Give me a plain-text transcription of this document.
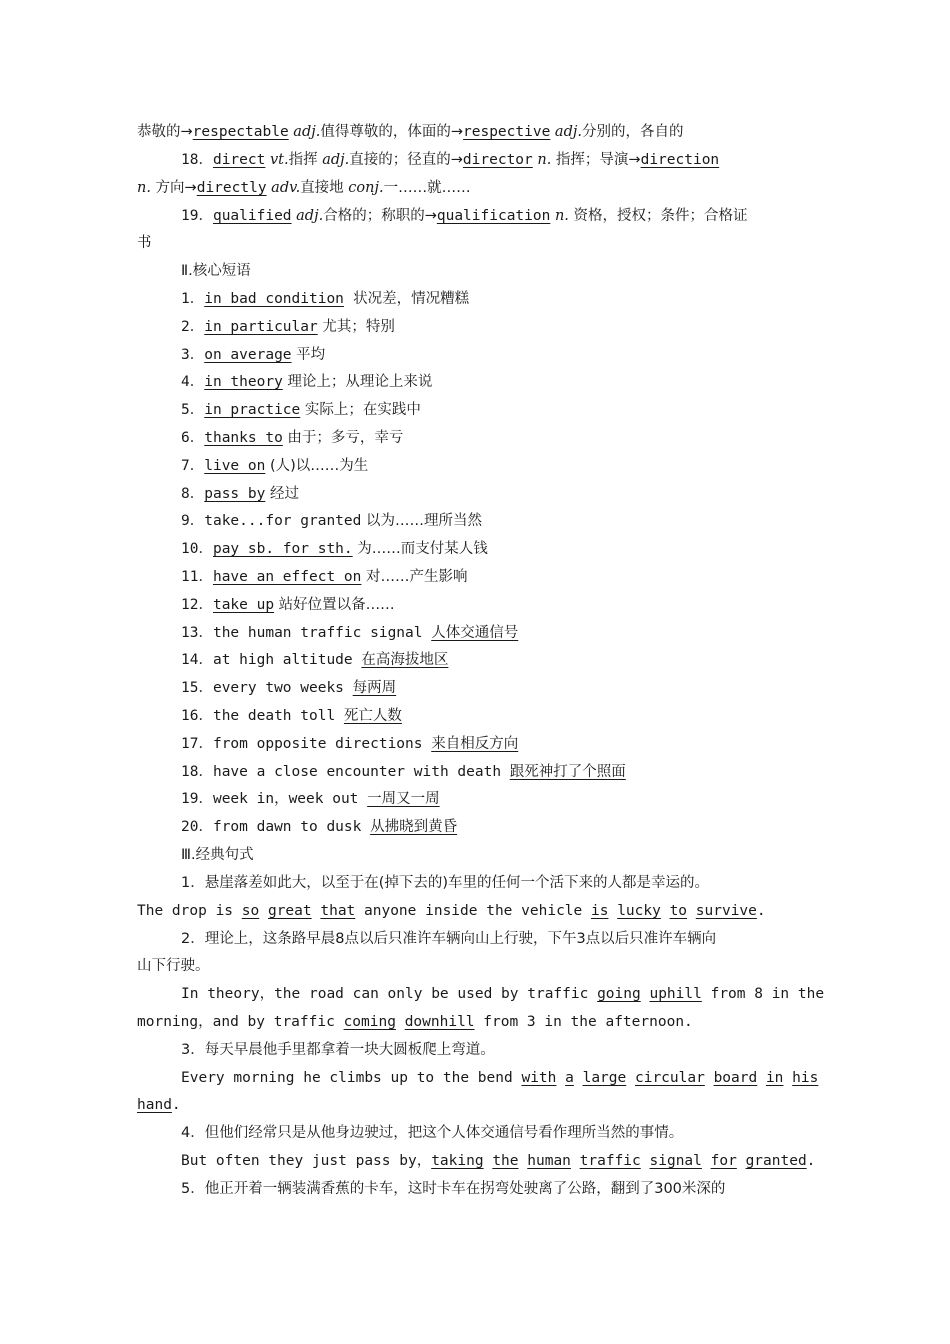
恭敬的→respectable adj.值得尊敬的，体面的→respective adj.分别的，各自的
18．direct vt.指挥 adj.直接的；径直的→director n. 指挥；导演→direction
n. 方向→directly adv.直接地 conj.一……就……
19．qualified adj.合格的；称职的→qualification n. 资格，授权；条件；合格证
书
Ⅱ.核心短语
1．in bad condition  状况差，情况糟糕
2．in particular 尤其；特别
3．on average 平均
4．in theory 理论上；从理论上来说
5．in practice 实际上；在实践中
6．thanks to 由于；多亏，幸亏
7．live on (人)以……为生
8．pass by 经过
9．take...for granted 以为……理所当然
10．pay sb. for sth. 为……而支付某人钱
11．have an effect on 对……产生影响
12．take up 站好位置以备……
13．the human traffic signal 人体交通信号
14．at high altitude 在高海拔地区
15．every two weeks 每两周
16．the death toll 死亡人数
17．from opposite directions 来自相反方向
18．have a close encounter with death 跟死神打了个照面
19．week in，week out 一周又一周
20．from dawn to dusk 从拂晓到黄昏
Ⅲ.经典句式
1．悬崖落差如此大，以至于在(掉下去的)车里的任何一个活下来的人都是幸运的。
The drop is so great that anyone inside the vehicle is lucky to survive.
2．理论上，这条路早晨8点以后只准许车辆向山上行驶，下午3点以后只准许车辆向
山下行驶。
In theory，the road can only be used by traffic going uphill from 8 in the
morning，and by traffic coming downhill from 3 in the afternoon.
3．每天早晨他手里都拿着一块大圆板爬上弯道。
Every morning he climbs up to the bend with a large circular board in his
hand.
4．但他们经常只是从他身边驶过，把这个人体交通信号看作理所当然的事情。
But often they just pass by，taking the human traffic signal for granted.
5．他正开着一辆装满香蕉的卡车，这时卡车在拐弯处驶离了公路，翻到了300米深的
